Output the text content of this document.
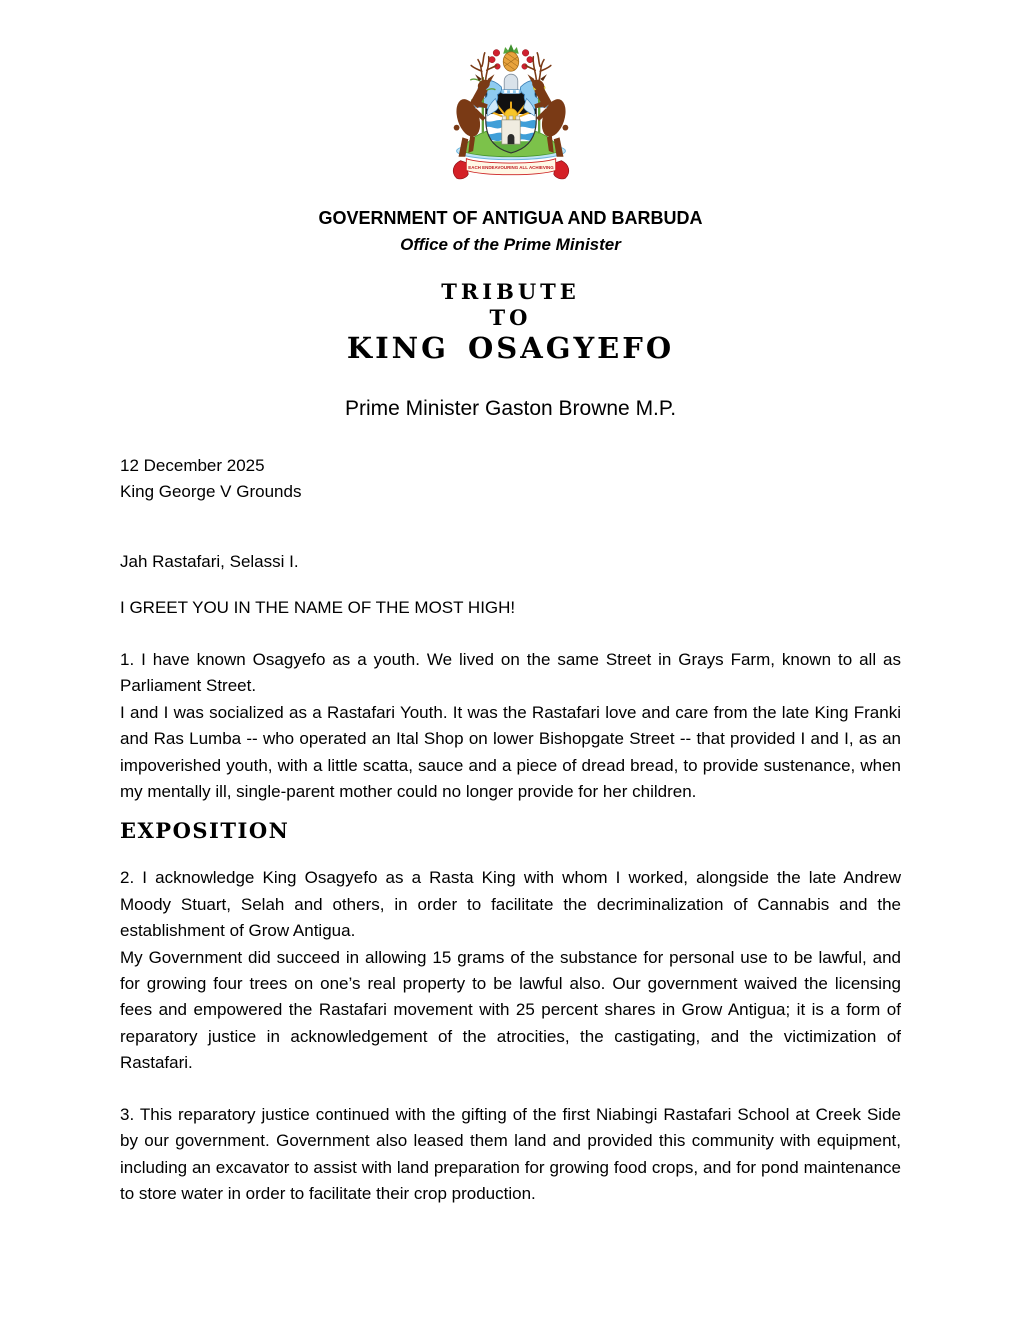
EACH ENDEAVOURING ALL ACHIEVING
GOVERNMENT OF ANTIGUA AND BARBUDA
Office of the Prime Minister
TRIBUTE
TO
KING OSAGYEFO
Prime Minister Gaston Browne M.P.
12 December 2025
King George V Grounds
Jah Rastafari, Selassi I.
I GREET YOU IN THE NAME OF THE MOST HIGH!

1. I have known Osagyefo as a youth. We lived on the same Street in Grays Farm, known to all as Parliament Street.

I and I was socialized as a Rastafari Youth. It was the Rastafari love and care from the late King Franki and Ras Lumba -- who operated an Ital Shop on lower Bishopgate Street -- that provided I and I, as an impoverished youth, with a little scatta, sauce and a piece of dread bread, to provide sustenance, when my mentally ill, single-parent mother could no longer provide for her children.

EXPOSITION

2. I acknowledge King Osagyefo as a Rasta King with whom I worked, alongside the late Andrew Moody Stuart, Selah and others, in order to facilitate the decriminalization of Cannabis and the establishment of Grow Antigua.

My Government did succeed in allowing 15 grams of the substance for personal use to be lawful, and for growing four trees on one’s real property to be lawful also. Our government waived the licensing fees and empowered the Rastafari movement with 25 percent shares in Grow Antigua; it is a form of reparatory justice in acknowledgement of the atrocities, the castigating, and the victimization of Rastafari.

3. This reparatory justice continued with the gifting of the first Niabingi Rastafari School at Creek Side by our government. Government also leased them land and provided this community with equipment, including an excavator to assist with land preparation for growing food crops, and for pond maintenance to store water in order to facilitate their crop production.
